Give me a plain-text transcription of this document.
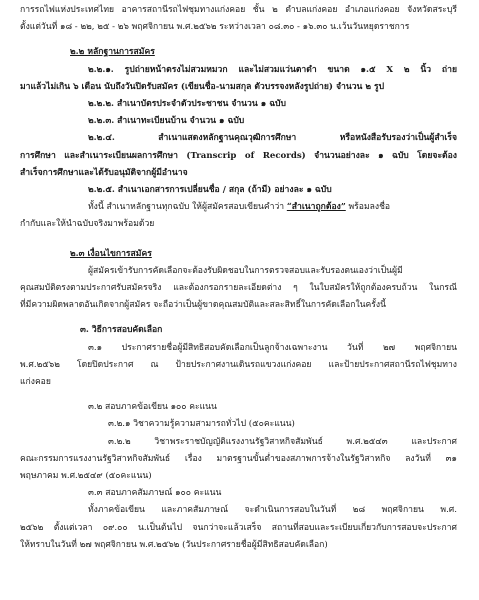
การรถไฟแห่งประเทศไทย อาคารสถานีรถไฟชุมทางแก่งคอย ชั้น ๒ ตำบลแก่งคอย อำเภอแก่งคอย จังหวัดสระบุรี
ตั้งแต่วันที่ ๑๘ - ๒๒, ๒๕ - ๒๖ พฤศจิกายน พ.ศ.๒๕๖๒ ระหว่างเวลา ๐๘.๓๐ - ๑๖.๓๐ น.เว้นวันหยุดราชการ
๒.๒ หลักฐานการสมัคร
๒.๒.๑. รูปถ่ายหน้าตรงไม่สวมหมวก และไม่สวมแว่นตาดำ ขนาด ๑.๕ X ๒ นิ้ว ถ่าย
มาแล้วไม่เกิน ๖ เดือน นับถึงวันปิดรับสมัคร (เขียนชื่อ-นามสกุล ตัวบรรจงหลังรูปถ่าย) จำนวน ๒ รูป
๒.๒.๒. สำเนาบัตรประจำตัวประชาชน จำนวน ๑ ฉบับ
๒.๒.๓. สำเนาทะเบียนบ้าน จำนวน ๑ ฉบับ
๒.๒.๔. สำเนาแสดงหลักฐานคุณวุฒิการศึกษา หรือหนังสือรับรองว่าเป็นผู้สำเร็จ
การศึกษา และสำเนาระเบียนผลการศึกษา (Transcrip of Records) จำนวนอย่างละ ๑ ฉบับ โดยจะต้อง
สำเร็จการศึกษาและได้รับอนุมัติจากผู้มีอำนาจ
๒.๒.๕. สำเนาเอกสารการเปลี่ยนชื่อ / สกุล (ถ้ามี) อย่างละ ๑ ฉบับ
ทั้งนี้ สำเนาหลักฐานทุกฉบับ ให้ผู้สมัครสอบเขียนคำว่า “สำเนาถูกต้อง” พร้อมลงชื่อ
กำกับและให้นำฉบับจริงมาพร้อมด้วย
๒.๓ เงื่อนไขการสมัคร
ผู้สมัครเข้ารับการคัดเลือกจะต้องรับผิดชอบในการตรวจสอบและรับรองตนเองว่าเป็นผู้มี
คุณสมบัติตรงตามประกาศรับสมัครจริง และต้องกรอกรายละเอียดต่าง ๆ ในใบสมัครให้ถูกต้องครบถ้วน ในกรณี
ที่มีความผิดพลาดอันเกิดจากผู้สมัคร จะถือว่าเป็นผู้ขาดคุณสมบัติและสละสิทธิ์ในการคัดเลือกในครั้งนี้
๓. วิธีการสอบคัดเลือก
๓.๑ ประกาศรายชื่อผู้มีสิทธิสอบคัดเลือกเป็นลูกจ้างเฉพาะงาน วันที่ ๒๗ พฤศจิกายน
พ.ศ.๒๕๖๒ โดยปิดประกาศ ณ ป้ายประกาศงานเดินรถแขวงแก่งคอย และป้ายประกาศสถานีรถไฟชุมทาง
แก่งคอย
๓.๒ สอบภาคข้อเขียน ๑๐๐ คะแนน
๓.๒.๑ วิชาความรู้ความสามารถทั่วไป (๕๐คะแนน)
๓.๒.๒ วิชาพระราชบัญญัติแรงงานรัฐวิสาหกิจสัมพันธ์ พ.ศ.๒๕๔๓ และประกาศ
คณะกรรมการแรงงานรัฐวิสาหกิจสัมพันธ์ เรื่อง มาตรฐานขั้นต่ำของสภาพการจ้างในรัฐวิสาหกิจ ลงวันที่ ๓๑
พฤษภาคม พ.ศ.๒๕๔๙ (๕๐คะแนน)
๓.๓ สอบภาคสัมภาษณ์ ๑๐๐ คะแนน
ทั้งภาคข้อเขียน และภาคสัมภาษณ์ จะดำเนินการสอบในวันที่ ๒๘ พฤศจิกายน พ.ศ.
๒๕๖๒ ตั้งแต่เวลา ๐๙.๐๐ น.เป็นต้นไป จนกว่าจะแล้วเสร็จ สถานที่สอบและระเบียบเกี่ยวกับการสอบจะประกาศ
ให้ทราบในวันที่ ๒๗ พฤศจิกายน พ.ศ.๒๕๖๒ (วันประกาศรายชื่อผู้มีสิทธิสอบคัดเลือก)
